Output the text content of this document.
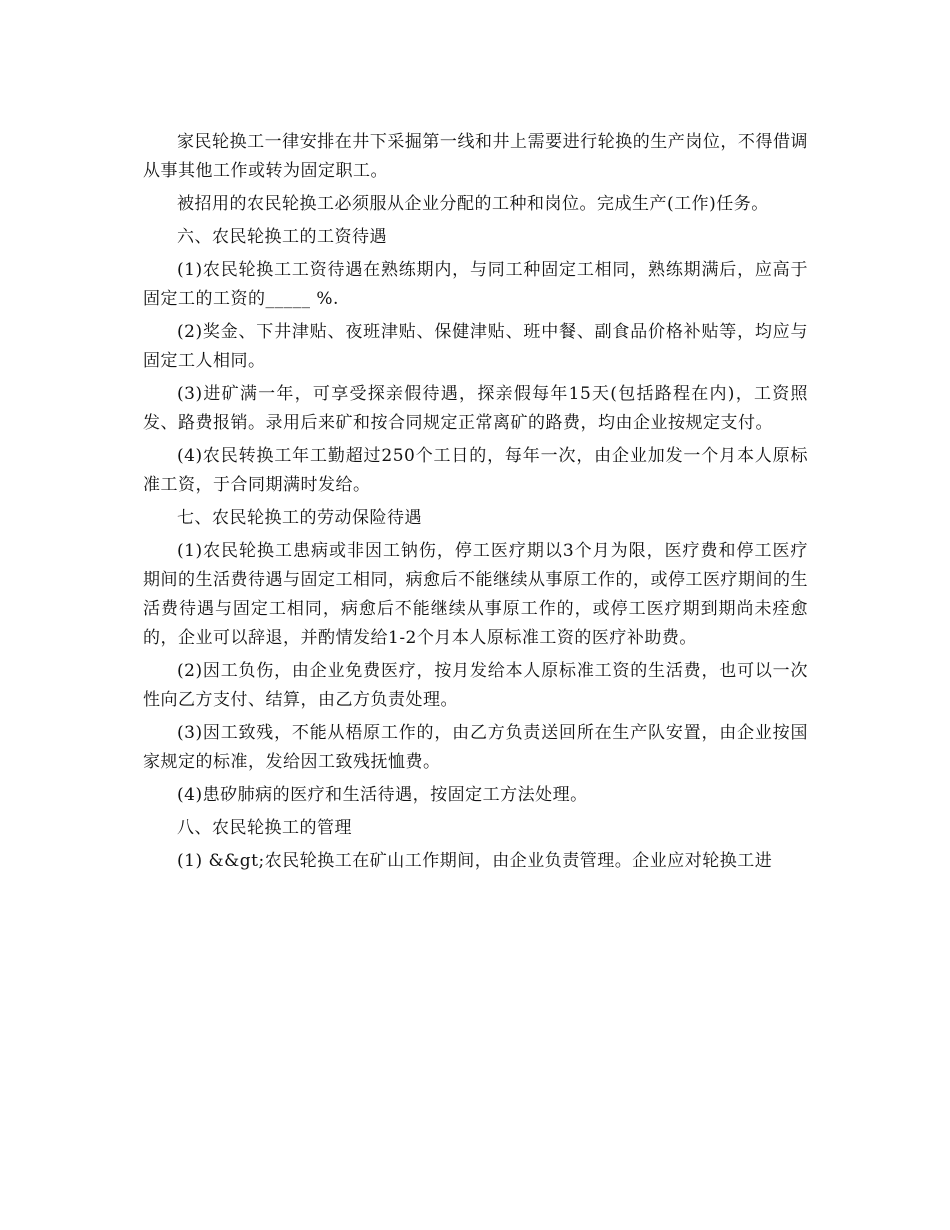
家民轮换工一律安排在井下采掘第一线和井上需要进行轮换的生产岗位，不得借调从事其他工作或转为固定职工。

被招用的农民轮换工必须服从企业分配的工种和岗位。完成生产(工作)任务。

六、农民轮换工的工资待遇

(1)农民轮换工工资待遇在熟练期内，与同工种固定工相同，熟练期满后，应高于固定工的工资的_____ %.

(2)奖金、下井津贴、夜班津贴、保健津贴、班中餐、副食品价格补贴等，均应与固定工人相同。

(3)进矿满一年，可享受探亲假待遇，探亲假每年15天(包括路程在内)，工资照发、路费报销。录用后来矿和按合同规定正常离矿的路费，均由企业按规定支付。

(4)农民转换工年工勤超过250个工日的，每年一次，由企业加发一个月本人原标准工资，于合同期满时发给。

七、农民轮换工的劳动保险待遇

(1)农民轮换工患病或非因工钠伤，停工医疗期以3个月为限，医疗费和停工医疗期间的生活费待遇与固定工相同，病愈后不能继续从事原工作的，或停工医疗期间的生活费待遇与固定工相同，病愈后不能继续从事原工作的，或停工医疗期到期尚未痊愈的，企业可以辞退，并酌情发给1-2个月本人原标准工资的医疗补助费。

(2)因工负伤，由企业免费医疗，按月发给本人原标准工资的生活费，也可以一次性向乙方支付、结算，由乙方负责处理。

(3)因工致残，不能从梧原工作的，由乙方负责送回所在生产队安置，由企业按国家规定的标准，发给因工致残抚恤费。

(4)患矽肺病的医疗和生活待遇，按固定工方法处理。

八、农民轮换工的管理

(1) &&gt;农民轮换工在矿山工作期间，由企业负责管理。企业应对轮换工进
